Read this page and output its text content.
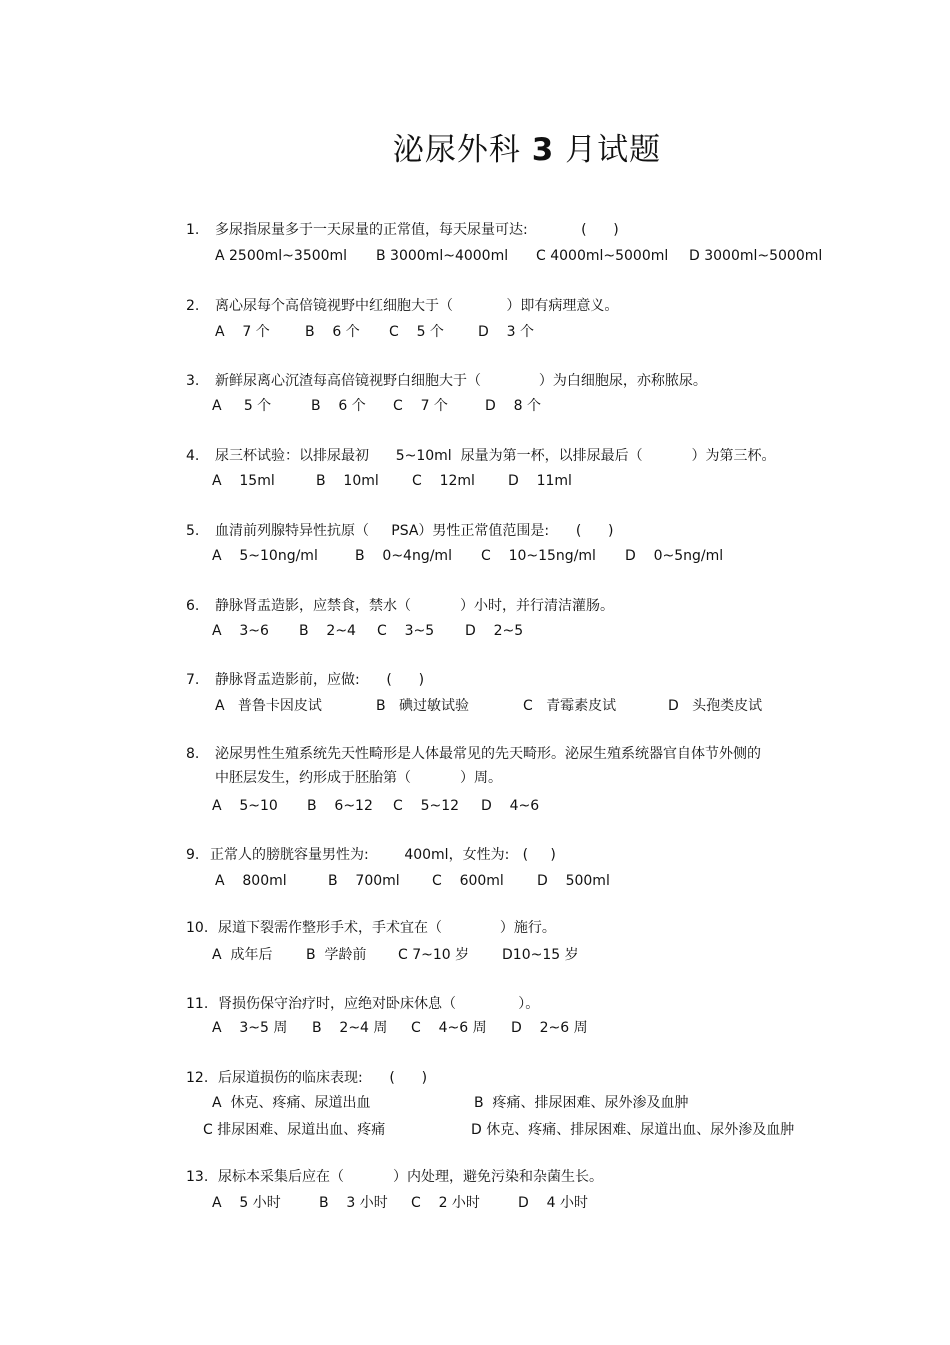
泌尿外科 3 月试题
1. 多尿指尿量多于一天尿量的正常值，每天尿量可达:            (      )
A 2500ml~3500ml B 3000ml~4000ml C 4000ml~5000ml D 3000ml~5000ml
2. 离心尿每个高倍镜视野中红细胞大于（            ）即有病理意义。
A    7 个	B    6 个 C    5 个 D    3 个
3. 新鲜尿离心沉渣每高倍镜视野白细胞大于（             ）为白细胞尿，亦称脓尿。
A     5 个	B    6 个 C    7 个	D    8 个
4. 尿三杯试验：以排尿最初      5~10ml  尿量为第一杯，以排尿最后（           ）为第三杯。
A    15ml	B    10ml C    12ml D    11ml
5. 血清前列腺特异性抗原（     PSA）男性正常值范围是:      (      )
A    5~10ng/ml	B    0~4ng/ml C    10~15ng/ml D    0~5ng/ml
6. 静脉肾盂造影，应禁食，禁水（           ）小时，并行清洁灌肠。
A    3~6 B    2~4 C    3~5 D    2~5
7. 静脉肾盂造影前，应做:      (      )
A   普鲁卡因皮试	B   碘过敏试验	C   青霉素皮试	D   头孢类皮试
8. 泌尿男性生殖系统先天性畸形是人体最常见的先天畸形。泌尿生殖系统器官自体节外侧的
中胚层发生，约形成于胚胎第（           ）周。
A    5~10 B    6~12 C    5~12 D    4~6
9. 正常人的膀胱容量男性为:        400ml，女性为:   (     )
A    800ml	B    700ml C    600ml D    500ml
10. 尿道下裂需作整形手术，手术宜在（             ）施行。
A  成年后 B  学龄前 C 7~10 岁 D10~15 岁
11. 肾损伤保守治疗时，应绝对卧床休息（              ）。
A    3~5 周 B    2~4 周 C    4~6 周 D    2~6 周
12. 后尿道损伤的临床表现:      (      )
A  休克、疼痛、尿道出血	B  疼痛、排尿困难、尿外渗及血肿
C 排尿困难、尿道出血、疼痛	D 休克、疼痛、排尿困难、尿道出血、尿外渗及血肿
13. 尿标本采集后应在（           ）内处理，避免污染和杂菌生长。
A    5 小时	B    3 小时 C    2 小时	D    4 小时
